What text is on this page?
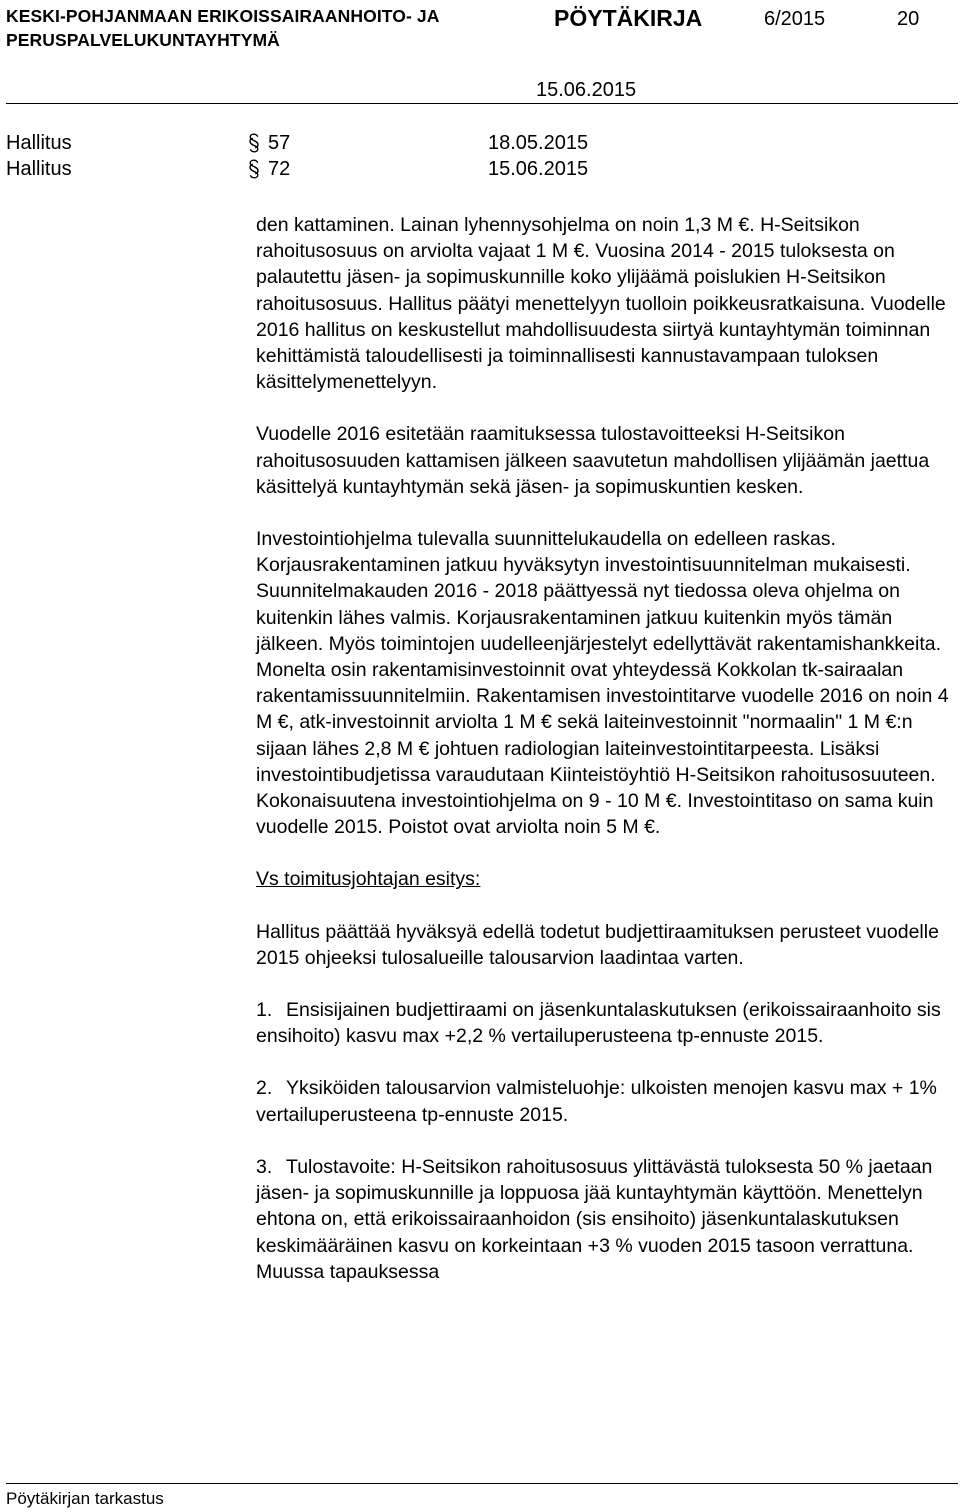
KESKI-POHJANMAAN ERIKOISSAIRAANHOITO- JA
PERUSPALVELUKUNTAYHTYMÄ
PÖYTÄKIRJA	6/2015	20
15.06.2015
Hallitus	57	18.05.2015
Hallitus	72	15.06.2015

den kattaminen. Lainan lyhennysohjelma on noin 1,3 M €. H-Seitsikon rahoitusosuus on arviolta vajaat 1 M €. Vuosina 2014 - 2015 tuloksesta on palautettu jäsen- ja sopimuskunnille koko ylijäämä poislukien H-Seitsikon rahoitusosuus. Hallitus päätyi menettelyyn tuolloin poikkeusratkaisuna. Vuodelle 2016 hallitus on keskustellut mahdollisuudesta siirtyä kuntayhtymän toiminnan kehittämistä taloudellisesti ja toiminnallisesti kannustavampaan tuloksen käsittelymenettelyyn.

Vuodelle 2016 esitetään raamituksessa tulostavoitteeksi H-Seitsikon rahoitusosuuden kattamisen jälkeen saavutetun mahdollisen ylijäämän jaettua käsittelyä kuntayhtymän sekä jäsen- ja sopimuskuntien kesken.

Investointiohjelma tulevalla suunnittelukaudella on edelleen raskas. Korjausrakentaminen jatkuu hyväksytyn investointisuunnitelman mukaisesti. Suunnitelmakauden 2016 - 2018 päättyessä nyt tiedossa oleva ohjelma on kuitenkin lähes valmis. Korjausrakentaminen jatkuu kuitenkin myös tämän jälkeen. Myös toimintojen uudelleenjärjestelyt edellyttävät rakentamishankkeita. Monelta osin rakentamisinvestoinnit ovat yhteydessä Kokkolan tk-sairaalan rakentamissuunnitelmiin. Rakentamisen investointitarve vuodelle 2016 on noin 4 M €, atk-investoinnit arviolta 1 M € sekä laiteinvestoinnit "normaalin" 1 M €:n sijaan lähes 2,8 M € johtuen radiologian laiteinvestointitarpeesta. Lisäksi investointibudjetissa varaudutaan Kiinteistöyhtiö H-Seitsikon rahoitusosuuteen. Kokonaisuutena investointiohjelma on 9 - 10 M €. Investointitaso on sama kuin vuodelle 2015. Poistot ovat arviolta noin 5 M €.

Vs toimitusjohtajan esitys:

Hallitus päättää hyväksyä edellä todetut budjettiraamituksen perusteet vuodelle 2015 ohjeeksi tulosalueille talousarvion laadintaa varten.

1. Ensisijainen budjettiraami on jäsenkuntalaskutuksen (erikoissairaanhoito sis ensihoito) kasvu max +2,2 % vertailuperusteena tp-ennuste 2015.

2. Yksiköiden talousarvion valmisteluohje: ulkoisten menojen kasvu max + 1% vertailuperusteena tp-ennuste 2015.

3. Tulostavoite: H-Seitsikon rahoitusosuus ylittävästä tuloksesta 50 % jaetaan jäsen- ja sopimuskunnille ja loppuosa jää kuntayhtymän käyttöön. Menettelyn ehtona on, että erikoissairaanhoidon (sis ensihoito) jäsenkuntalaskutuksen keskimääräinen kasvu on korkeintaan +3 % vuoden 2015 tasoon verrattuna. Muussa tapauksessa

Pöytäkirjan tarkastus
